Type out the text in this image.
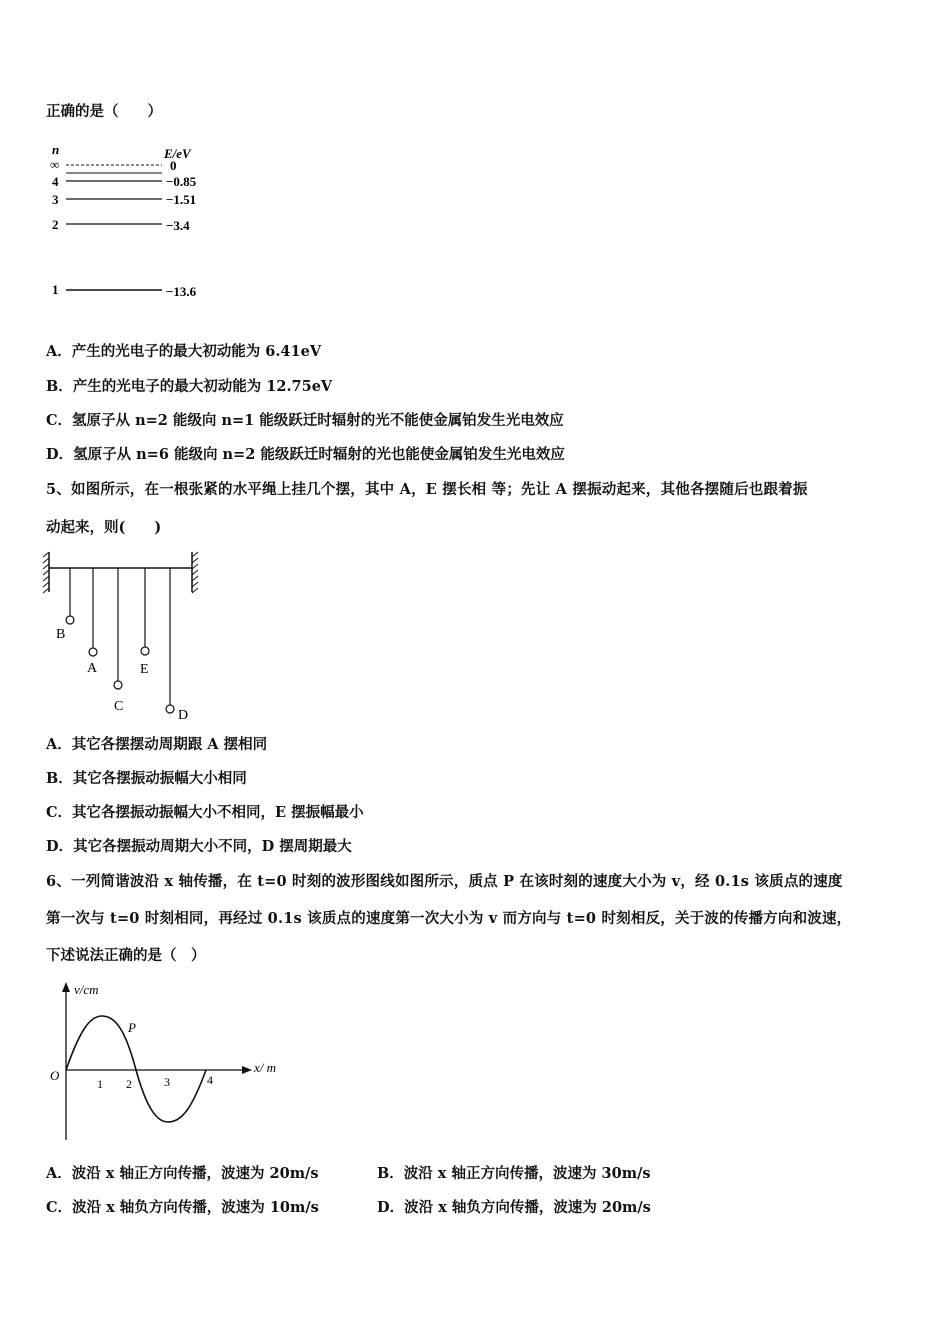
正确的是（　　）
n	E/eV
∞	0
4	−0.85
3	−1.51
2	−3.4
1	−13.6
A．产生的光电子的最大初动能为 6.41eV
B．产生的光电子的最大初动能为 12.75eV
C．氢原子从 n=2 能级向 n=1 能级跃迁时辐射的光不能使金属铂发生光电效应
D．氢原子从 n=6 能级向 n=2 能级跃迁时辐射的光也能使金属铂发生光电效应
5、如图所示，在一根张紧的水平绳上挂几个摆，其中 A，E 摆长相 等；先让 A 摆振动起来，其他各摆随后也跟着振
动起来，则(　　)
B
A
C
E
D
A．其它各摆摆动周期跟 A 摆相同
B．其它各摆振动振幅大小相同
C．其它各摆振动振幅大小不相同，E 摆振幅最小
D．其它各摆振动周期大小不同，D 摆周期最大
6、一列简谐波沿 x 轴传播，在 t=0 时刻的波形图线如图所示，质点 P 在该时刻的速度大小为 v，经 0.1s 该质点的速度
第一次与 t=0 时刻相同，再经过 0.1s 该质点的速度第一次大小为 v 而方向与 t=0 时刻相反，关于波的传播方向和波速，
下述说法正确的是（　）
v/cm
x/ m
O
P
1 2	3	4
A．波沿 x 轴正方向传播，波速为 20m/s	B．波沿 x 轴正方向传播，波速为 30m/s
C．波沿 x 轴负方向传播，波速为 10m/s	D．波沿 x 轴负方向传播，波速为 20m/s
